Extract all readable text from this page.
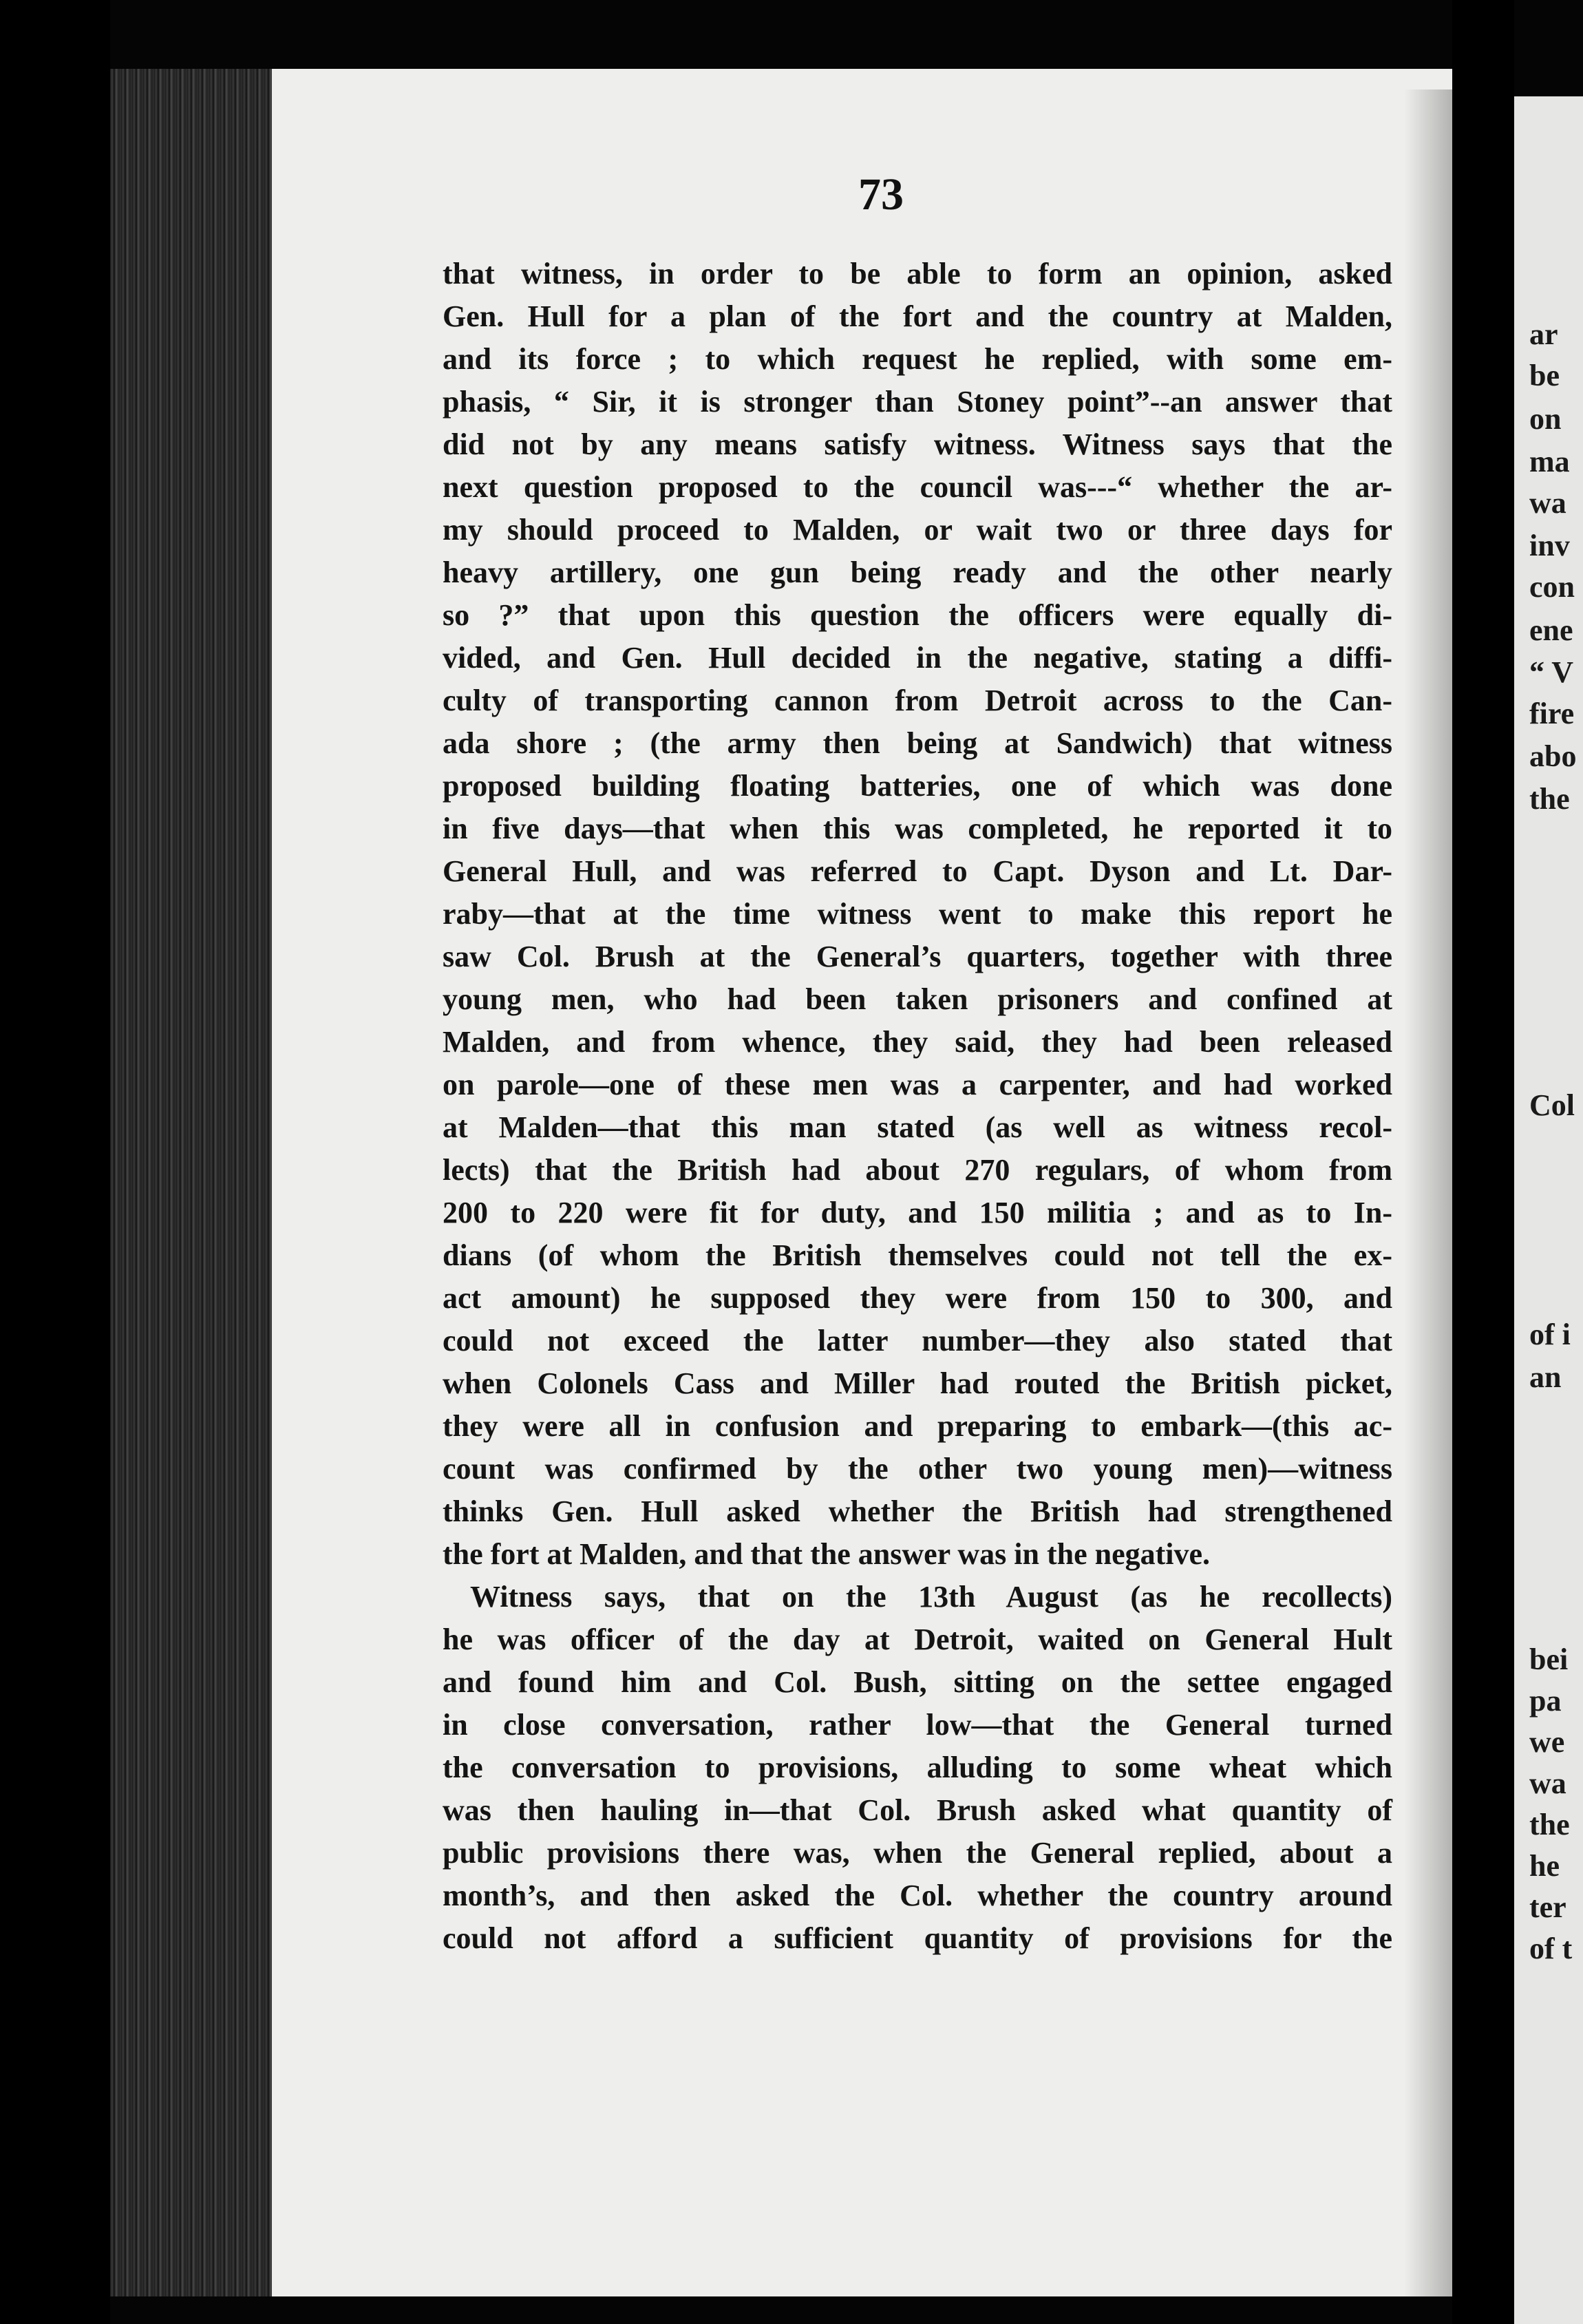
73
that witness, in order to be able to form an opinion, asked
Gen. Hull for a plan of the fort and the country at Malden,
and its force ; to which request he replied, with some em-
phasis, “ Sir, it is stronger than Stoney point”--an answer that
did not by any means satisfy witness. Witness says that the
next question proposed to the council was---“ whether the ar-
my should proceed to Malden, or wait two or three days for
heavy artillery, one gun being ready and the other nearly
so ?” that upon this question the officers were equally di-
vided, and Gen. Hull decided in the negative, stating a diffi-
culty of transporting cannon from Detroit across to the Can-
ada shore ; (the army then being at Sandwich) that witness
proposed building floating batteries, one of which was done
in five days—that when this was completed, he reported it to
General Hull, and was referred to Capt. Dyson and Lt. Dar-
raby—that at the time witness went to make this report he
saw Col. Brush at the General’s quarters, together with three
young men, who had been taken prisoners and confined at
Malden, and from whence, they said, they had been released
on parole—one of these men was a carpenter, and had worked
at Malden—that this man stated (as well as witness recol-
lects) that the British had about 270 regulars, of whom from
200 to 220 were fit for duty, and 150 militia ; and as to In-
dians (of whom the British themselves could not tell the ex-
act amount) he supposed they were from 150 to 300, and
could not exceed the latter number—they also stated that
when Colonels Cass and Miller had routed the British picket,
they were all in confusion and preparing to embark—(this ac-
count was confirmed by the other two young men)—witness
thinks Gen. Hull asked whether the British had strengthened
the fort at Malden, and that the answer was in the negative.
Witness says, that on the 13th August (as he recollects)
he was officer of the day at Detroit, waited on General Hult
and found him and Col. Bush, sitting on the settee engaged
in close conversation, rather low—that the General turned
the conversation to provisions, alluding to some wheat which
was then hauling in—that Col. Brush asked what quantity of
public provisions there was, when the General replied, about a
month’s, and then asked the Col. whether the country around
could not afford a sufficient quantity of provisions for the
ar
be
on
ma
wa
inv
con
ene
“ V
fire
abo
the
Col
of i
an
bei
pa
we
wa
the
he
ter
of t
